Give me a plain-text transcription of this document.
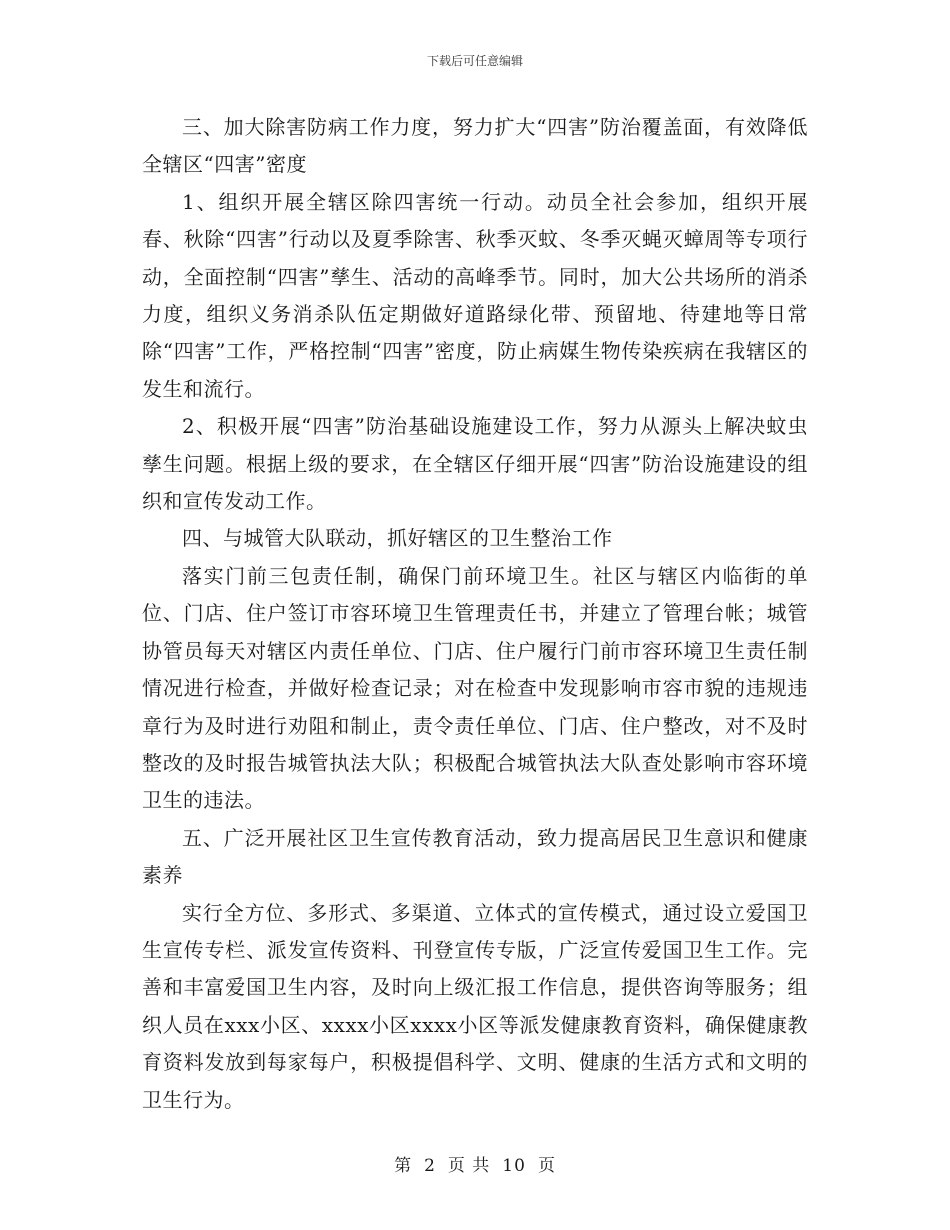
下载后可任意编辑

三、加大除害防病工作力度，努力扩大“四害”防治覆盖面，有效降低全辖区“四害”密度

1、组织开展全辖区除四害统一行动。动员全社会参加，组织开展春、秋除“四害”行动以及夏季除害、秋季灭蚊、冬季灭蝇灭蟑周等专项行动，全面控制“四害”孳生、活动的高峰季节。同时，加大公共场所的消杀力度，组织义务消杀队伍定期做好道路绿化带、预留地、待建地等日常除“四害”工作，严格控制“四害”密度，防止病媒生物传染疾病在我辖区的发生和流行。

2、积极开展“四害”防治基础设施建设工作，努力从源头上解决蚊虫孳生问题。根据上级的要求，在全辖区仔细开展“四害”防治设施建设的组织和宣传发动工作。

四、与城管大队联动，抓好辖区的卫生整治工作

落实门前三包责任制，确保门前环境卫生。社区与辖区内临街的单位、门店、住户签订市容环境卫生管理责任书，并建立了管理台帐；城管协管员每天对辖区内责任单位、门店、住户履行门前市容环境卫生责任制情况进行检查，并做好检查记录；对在检查中发现影响市容市貌的违规违章行为及时进行劝阻和制止，责令责任单位、门店、住户整改，对不及时整改的及时报告城管执法大队；积极配合城管执法大队查处影响市容环境卫生的违法。

五、广泛开展社区卫生宣传教育活动，致力提高居民卫生意识和健康素养

实行全方位、多形式、多渠道、立体式的宣传模式，通过设立爱国卫生宣传专栏、派发宣传资料、刊登宣传专版，广泛宣传爱国卫生工作。完善和丰富爱国卫生内容，及时向上级汇报工作信息，提供咨询等服务；组织人员在xxx小区、xxxx小区xxxx小区等派发健康教育资料，确保健康教育资料发放到每家每户，积极提倡科学、文明、健康的生活方式和文明的卫生行为。

第 2 页 共 10 页
